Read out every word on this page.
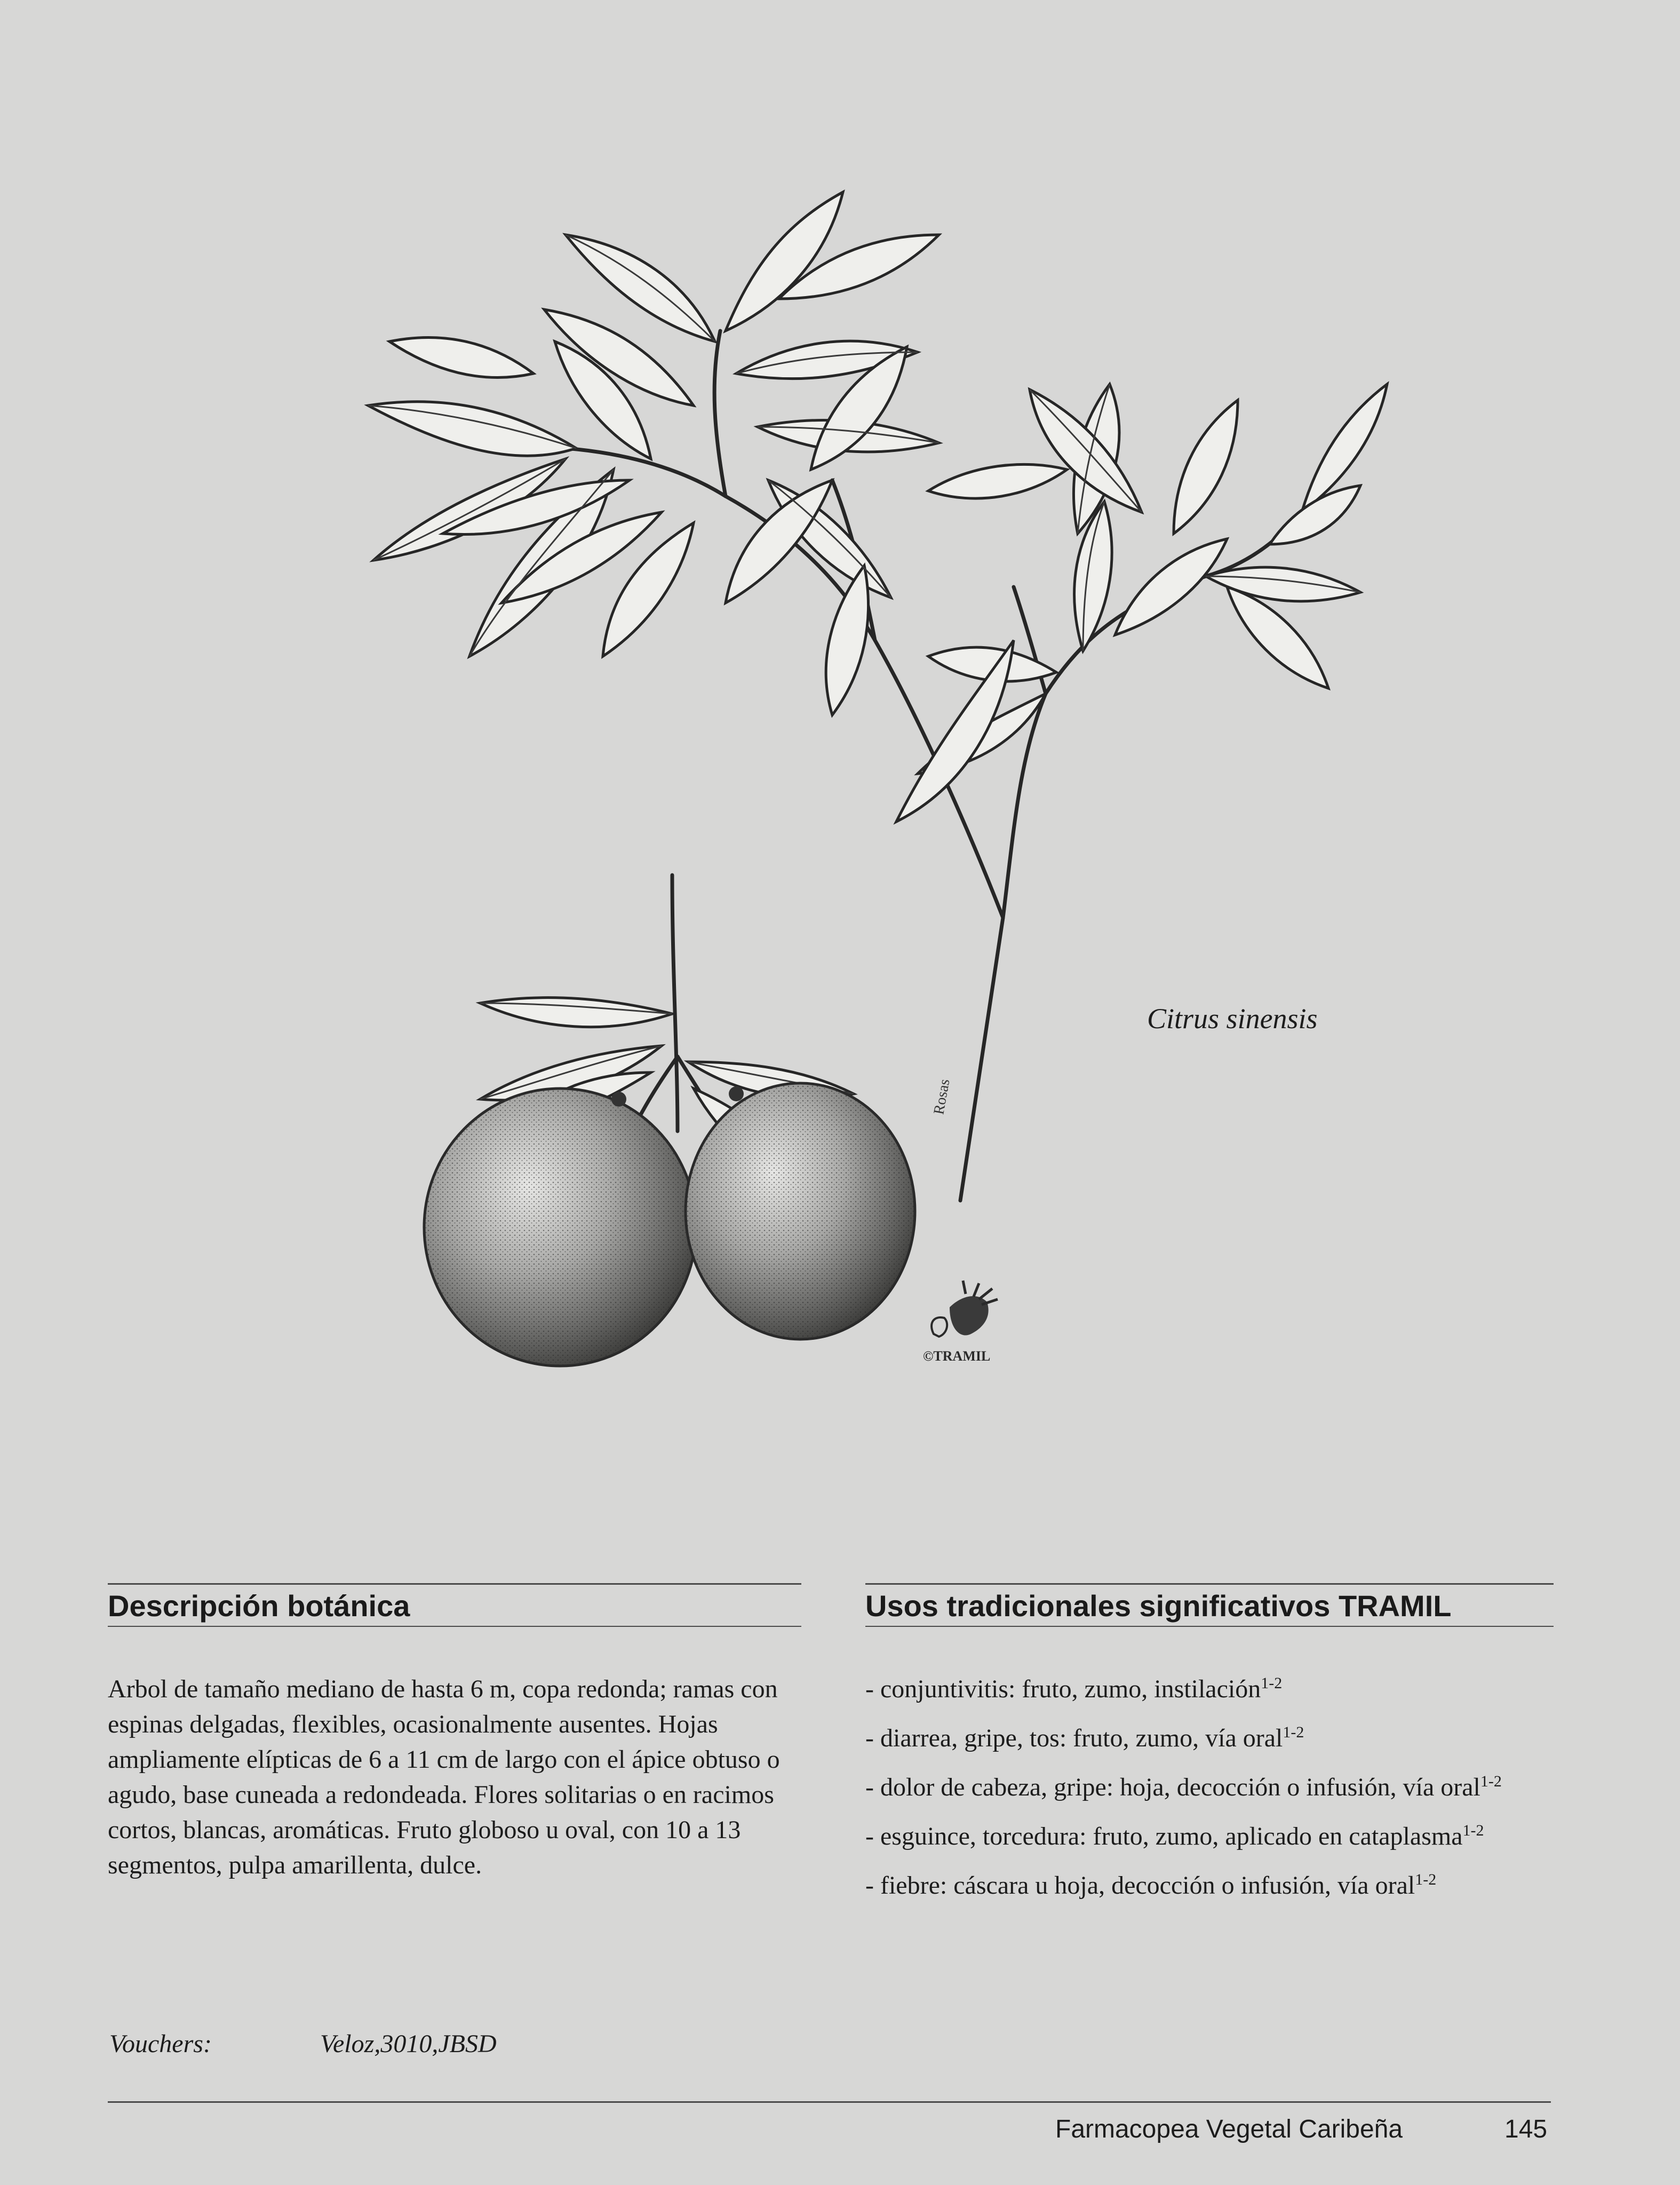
Rosas
©TRAMIL
Citrus sinensis
Descripción botánica
Arbol de tamaño mediano de hasta 6 m, copa redonda; ramas con espinas delgadas, flexibles, ocasionalmente ausentes. Hojas ampliamente elípticas de 6 a 11 cm de largo con el ápice obtuso o agudo, base cuneada a redondeada. Flores solitarias o en racimos cortos, blancas, aromáticas. Fruto globoso u oval, con 10 a 13 segmentos, pulpa amarillenta, dulce.
Vouchers:	Veloz,3010,JBSD
Usos tradicionales significativos TRAMIL
- conjuntivitis: fruto, zumo, instilación$^{1-2}$
- diarrea, gripe, tos: fruto, zumo, vía oral$^{1-2}$
- dolor de cabeza, gripe: hoja, decocción o infusión, vía oral$^{1-2}$
- esguince, torcedura: fruto, zumo, aplicado en cataplasma$^{1-2}$
- fiebre: cáscara u hoja, decocción o infusión, vía oral$^{1-2}$
Farmacopea Vegetal Caribeña	145
